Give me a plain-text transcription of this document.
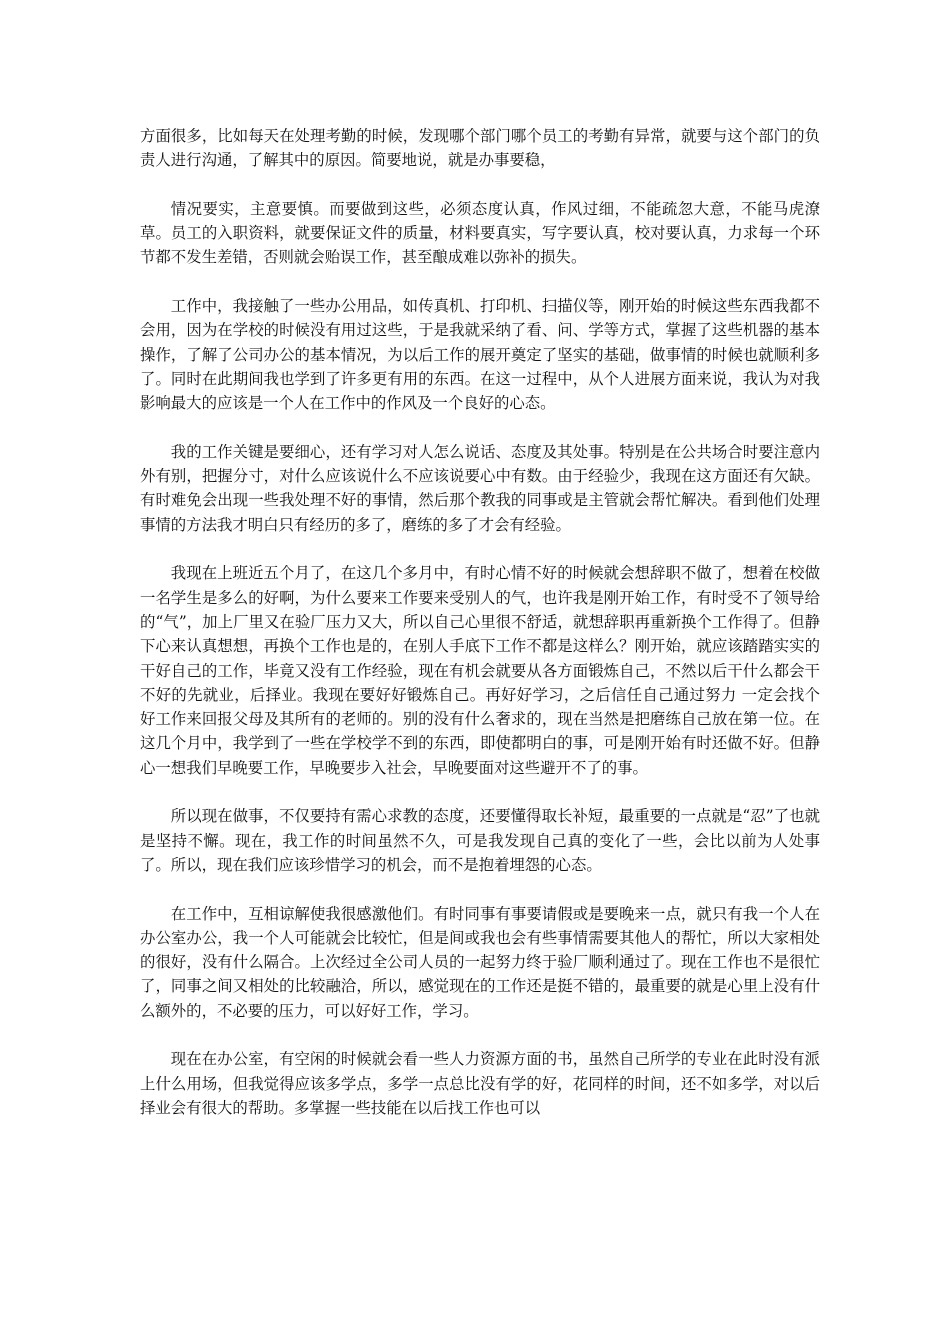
方面很多，比如每天在处理考勤的时候，发现哪个部门哪个员工的考勤有异常，就要与这个部门的负责人进行沟通，了解其中的原因。简要地说，就是办事要稳，

情况要实，主意要慎。而要做到这些，必须态度认真，作风过细，不能疏忽大意，不能马虎潦草。员工的入职资料，就要保证文件的质量，材料要真实，写字要认真，校对要认真，力求每一个环节都不发生差错，否则就会贻误工作，甚至酿成难以弥补的损失。

工作中，我接触了一些办公用品，如传真机、打印机、扫描仪等，刚开始的时候这些东西我都不会用，因为在学校的时候没有用过这些，于是我就采纳了看、问、学等方式，掌握了这些机器的基本操作，了解了公司办公的基本情况，为以后工作的展开奠定了坚实的基础，做事情的时候也就顺利多了。同时在此期间我也学到了许多更有用的东西。在这一过程中，从个人进展方面来说，我认为对我影响最大的应该是一个人在工作中的作风及一个良好的心态。

我的工作关键是要细心，还有学习对人怎么说话、态度及其处事。特别是在公共场合时要注意内外有别，把握分寸，对什么应该说什么不应该说要心中有数。由于经验少，我现在这方面还有欠缺。有时难免会出现一些我处理不好的事情，然后那个教我的同事或是主管就会帮忙解决。看到他们处理事情的方法我才明白只有经历的多了，磨练的多了才会有经验。

我现在上班近五个月了，在这几个多月中，有时心情不好的时候就会想辞职不做了，想着在校做一名学生是多么的好啊，为什么要来工作要来受别人的气，也许我是刚开始工作，有时受不了领导给的“气”，加上厂里又在验厂压力又大，所以自己心里很不舒适，就想辞职再重新换个工作得了。但静下心来认真想想，再换个工作也是的，在别人手底下工作不都是这样么？刚开始，就应该踏踏实实的干好自己的工作，毕竟又没有工作经验，现在有机会就要从各方面锻炼自己，不然以后干什么都会干不好的先就业，后择业。我现在要好好锻炼自己。再好好学习，之后信任自己通过努力 一定会找个好工作来回报父母及其所有的老师的。别的没有什么奢求的，现在当然是把磨练自己放在第一位。在这几个月中，我学到了一些在学校学不到的东西，即使都明白的事，可是刚开始有时还做不好。但静心一想我们早晚要工作，早晚要步入社会，早晚要面对这些避开不了的事。

所以现在做事，不仅要持有需心求教的态度，还要懂得取长补短，最重要的一点就是“忍”了也就是坚持不懈。现在，我工作的时间虽然不久，可是我发现自己真的变化了一些，会比以前为人处事了。所以，现在我们应该珍惜学习的机会，而不是抱着埋怨的心态。

在工作中，互相谅解使我很感激他们。有时同事有事要请假或是要晚来一点，就只有我一个人在办公室办公，我一个人可能就会比较忙，但是间或我也会有些事情需要其他人的帮忙，所以大家相处的很好，没有什么隔合。上次经过全公司人员的一起努力终于验厂顺利通过了。现在工作也不是很忙了，同事之间又相处的比较融洽，所以，感觉现在的工作还是挺不错的，最重要的就是心里上没有什么额外的，不必要的压力，可以好好工作，学习。

现在在办公室，有空闲的时候就会看一些人力资源方面的书，虽然自己所学的专业在此时没有派上什么用场，但我觉得应该多学点，多学一点总比没有学的好，花同样的时间，还不如多学，对以后择业会有很大的帮助。多掌握一些技能在以后找工作也可以
